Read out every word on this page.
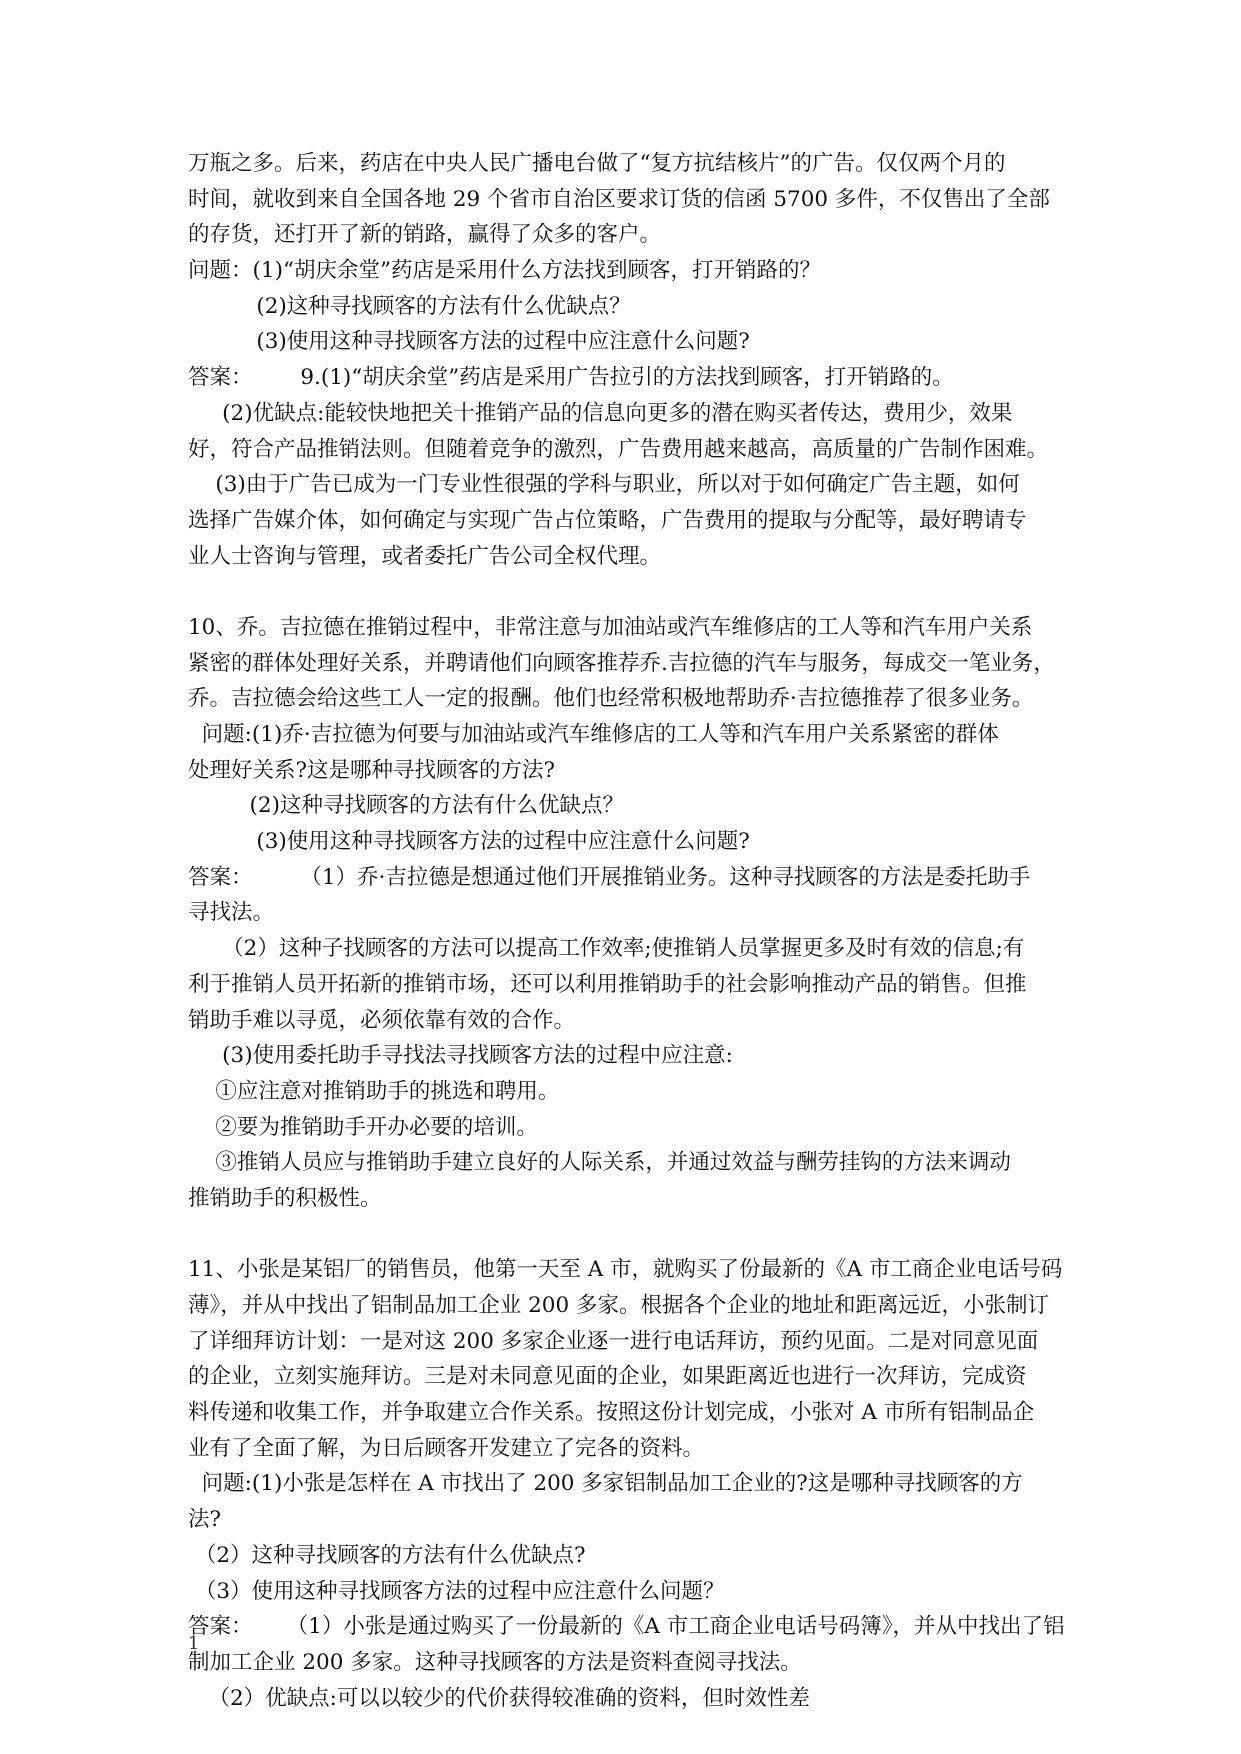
万瓶之多。后来，药店在中央人民广播电台做了“复方抗结核片”的广告。仅仅两个月的
时间，就收到来自全国各地 29 个省市自治区要求订货的信函 5700 多件，不仅售出了全部
的存货，还打开了新的销路，赢得了众多的客户。
问题：(1)“胡庆余堂”药店是采用什么方法找到顾客，打开销路的？
(2)这种寻找顾客的方法有什么优缺点？
(3)使用这种寻找顾客方法的过程中应注意什么问题?
答案：       9.(1)“胡庆余堂”药店是采用广告拉引的方法找到顾客，打开销路的。
(2)优缺点:能较快地把关十推销产品的信息向更多的潜在购买者传达，费用少，效果
好，符合产品推销法则。但随着竞争的激烈，广告费用越来越高，高质量的广告制作困难。
(3)由于广告已成为一门专业性很强的学科与职业，所以对于如何确定广告主题，如何
选择广告媒介体，如何确定与实现广告占位策略，广告费用的提取与分配等，最好聘请专
业人士咨询与管理，或者委托广告公司全权代理。
10、乔。吉拉德在推销过程中，非常注意与加油站或汽车维修店的工人等和汽车用户关系
紧密的群体处理好关系，并聘请他们向顾客推荐乔.吉拉德的汽车与服务，每成交一笔业务，
乔。吉拉德会给这些工人一定的报酬。他们也经常积极地帮助乔·吉拉德推荐了很多业务。
问题:(1)乔·吉拉德为何要与加油站或汽车维修店的工人等和汽车用户关系紧密的群体
处理好关系?这是哪种寻找顾客的方法?
(2)这种寻找顾客的方法有什么优缺点？
(3)使用这种寻找顾客方法的过程中应注意什么问题?
答案：       （1）乔·吉拉德是想通过他们开展推销业务。这种寻找顾客的方法是委托助手
寻找法。
（2）这种子找顾客的方法可以提高工作效率;使推销人员掌握更多及时有效的信息;有
利于推销人员开拓新的推销市场，还可以利用推销助手的社会影响推动产品的销售。但推
销助手难以寻觅，必须依靠有效的合作。
(3)使用委托助手寻找法寻找顾客方法的过程中应注意:
①应注意对推销助手的挑选和聘用。
②要为推销助手开办必要的培训。
③推销人员应与推销助手建立良好的人际关系，并通过效益与酬劳挂钩的方法来调动
推销助手的积极性。
11、小张是某铝厂的销售员，他第一天至 A 市，就购买了份最新的《A 市工商企业电话号码
薄》，并从中找出了铝制品加工企业 200 多家。根据各个企业的地址和距离远近，小张制订
了详细拜访计划：一是对这 200 多家企业逐一进行电话拜访，预约见面。二是对同意见面
的企业，立刻实施拜访。三是对未同意见面的企业，如果距离近也进行一次拜访，完成资
料传递和收集工作，并争取建立合作关系。按照这份计划完成，小张对 A 市所有铝制品企
业有了全面了解，为日后顾客开发建立了完各的资料。
问题:(1)小张是怎样在 A 市找出了 200 多家铝制品加工企业的?这是哪种寻找顾客的方
法?
（2）这种寻找顾客的方法有什么优缺点?
（3）使用这种寻找顾客方法的过程中应注意什么问题？
答案：     （1）小张是通过购买了一份最新的《A 市工商企业电话号码簿》，并从中找出了铝
制加工企业 200 多家。这种寻找顾客的方法是资料查阅寻找法。
（2）优缺点:可以以较少的代价获得较准确的资料，但时效性差
1
